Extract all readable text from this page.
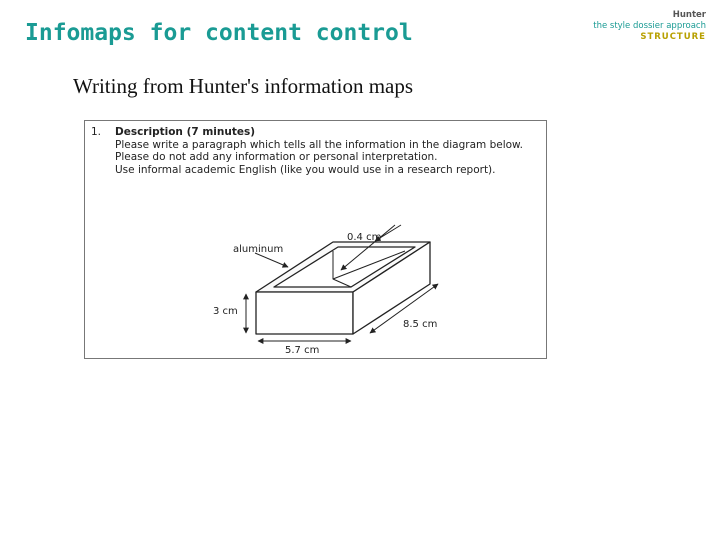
Infomaps for content control
Hunter
the style dossier approach
STRUCTURE
Writing from Hunter's information maps
1. Description (7 minutes)
Please write a paragraph which tells all the information in the diagram below.
Please do not add any information or personal interpretation.
Use informal academic English (like you would use in a research report).
aluminum
0.4 cm
3 cm
8.5 cm
5.7 cm
